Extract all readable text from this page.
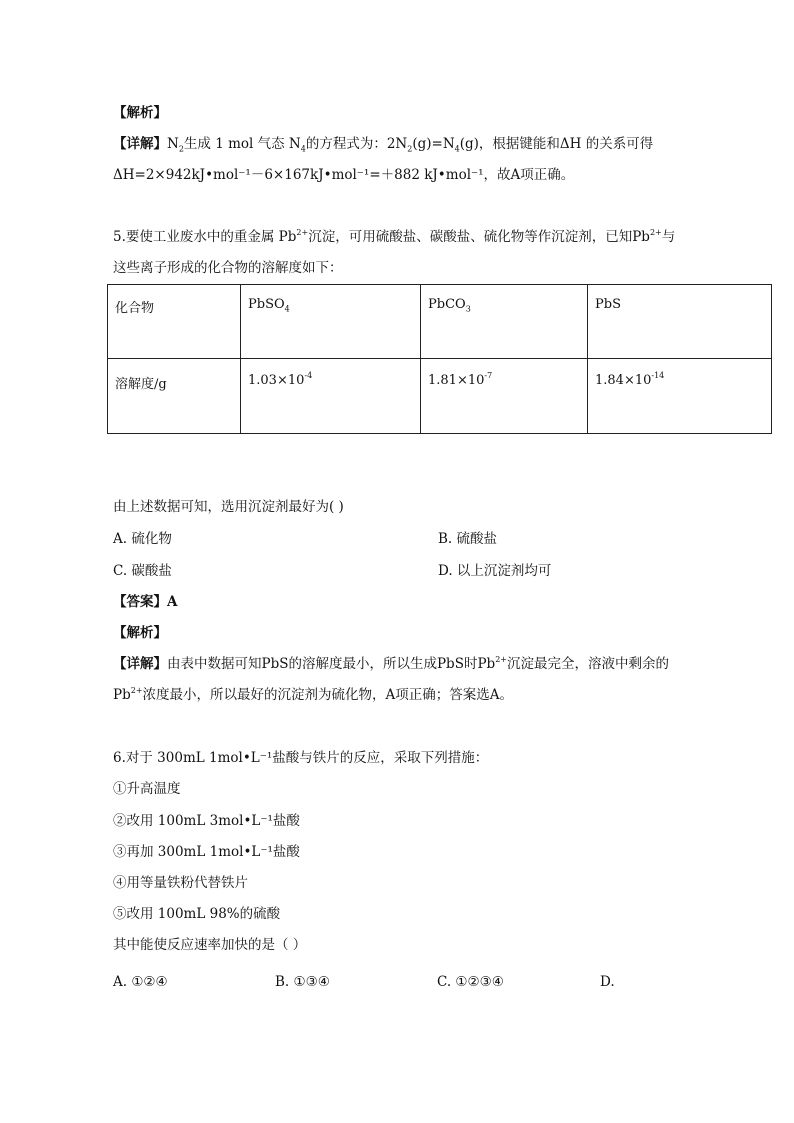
【解析】
【详解】$N_2$生成 1 mol 气态 $N_4$的方程式为：$2N_2(g)=N_4(g)$，根据键能和ΔH 的关系可得
ΔH=2×942kJ•mol⁻¹－6×167kJ•mol⁻¹=＋882 kJ•mol⁻¹，故A项正确。
5.要使工业废水中的重金属 $Pb^{2+}$沉淀，可用硫酸盐、碳酸盐、硫化物等作沉淀剂，已知$Pb^{2+}$与
这些离子形成的化合物的溶解度如下：
化合物	PbSO$_4$	PbCO$_3$	PbS
溶解度/g	$1.03\times 10^{-4}$	$1.81\times 10^{-7}$	$1.84\times 10^{-14}$
由上述数据可知，选用沉淀剂最好为( )
A. 硫化物	B. 硫酸盐
C. 碳酸盐	D. 以上沉淀剂均可
【答案】A
【解析】
【详解】由表中数据可知PbS的溶解度最小，所以生成PbS时$Pb^{2+}$沉淀最完全，溶液中剩余的
$Pb^{2+}$浓度最小，所以最好的沉淀剂为硫化物，A项正确；答案选A。
6.对于 300mL 1mol•L⁻¹盐酸与铁片的反应，采取下列措施：
①升高温度
②改用 100mL 3mol•L⁻¹盐酸
③再加 300mL 1mol•L⁻¹盐酸
④用等量铁粉代替铁片
⑤改用 100mL 98%的硫酸
其中能使反应速率加快的是（ ）
A. ①②④	B. ①③④	C. ①②③④	D.
